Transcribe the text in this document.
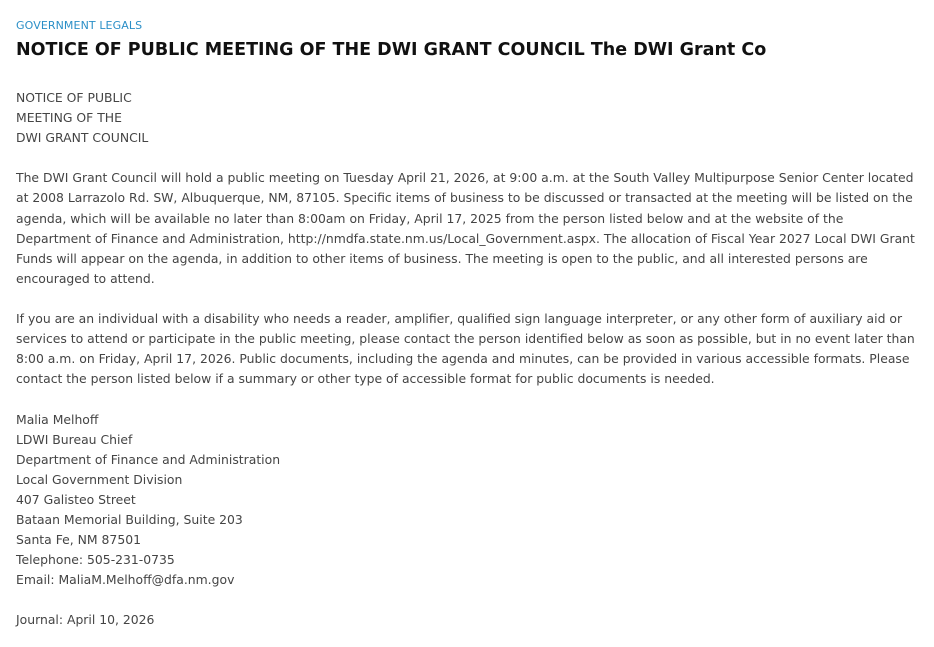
GOVERNMENT LEGALS
NOTICE OF PUBLIC MEETING OF THE DWI GRANT COUNCIL The DWI Grant Co

NOTICE OF PUBLIC
MEETING OF THE
DWI GRANT COUNCIL

The DWI Grant Council will hold a public meeting on Tuesday April 21, 2026, at 9:00 a.m. at the South Valley Multipurpose Senior Center located at 2008 Larrazolo Rd. SW, Albuquerque, NM, 87105. Specific items of business to be discussed or transacted at the meeting will be listed on the agenda, which will be available no later than 8:00am on Friday, April 17, 2025 from the person listed below and at the website of the Department of Finance and Administration, http://nmdfa.state.nm.us/Local_Government.aspx. The allocation of Fiscal Year 2027 Local DWI Grant Funds will appear on the agenda, in addition to other items of business. The meeting is open to the public, and all interested persons are encouraged to attend.

If you are an individual with a disability who needs a reader, amplifier, qualified sign language interpreter, or any other form of auxiliary aid or services to attend or participate in the public meeting, please contact the person identified below as soon as possible, but in no event later than 8:00 a.m. on Friday, April 17, 2026. Public documents, including the agenda and minutes, can be provided in various accessible formats. Please contact the person listed below if a summary or other type of accessible format for public documents is needed.

Malia Melhoff
LDWI Bureau Chief
Department of Finance and Administration
Local Government Division
407 Galisteo Street
Bataan Memorial Building, Suite 203
Santa Fe, NM 87501
Telephone: 505-231-0735
Email: MaliaM.Melhoff@dfa.nm.gov

Journal: April 10, 2026
